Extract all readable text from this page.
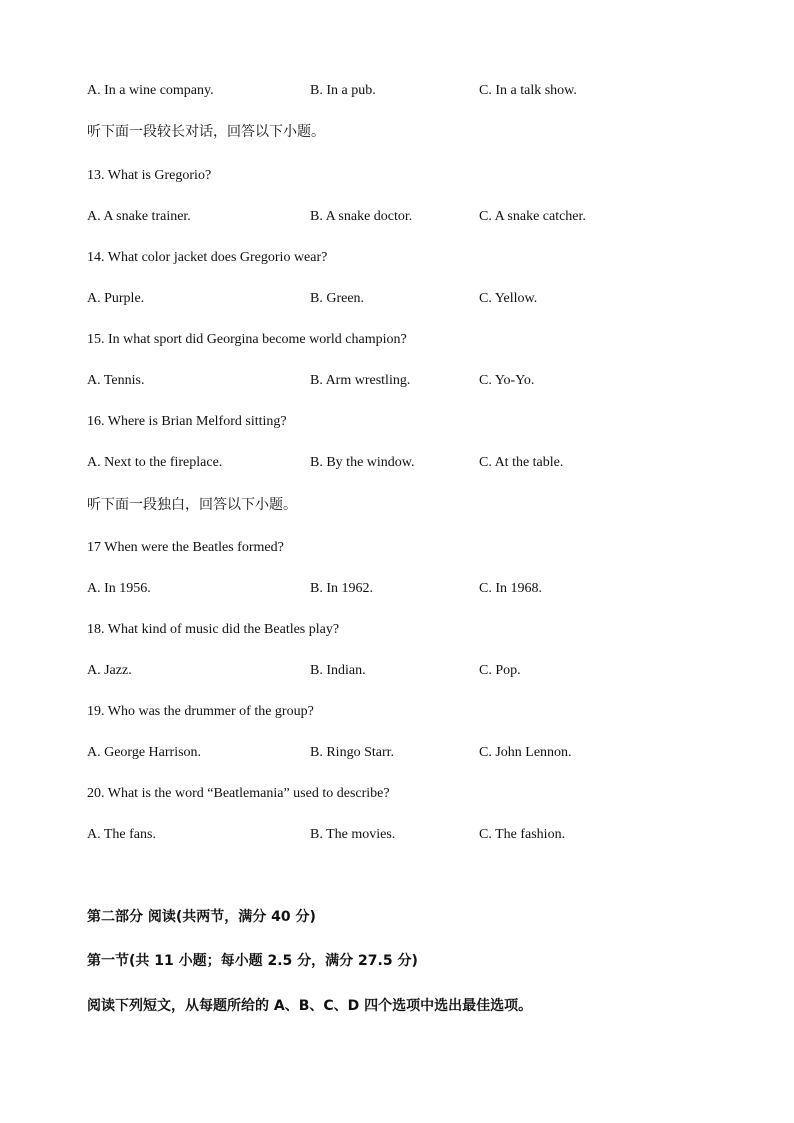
A. In a wine company.	B. In a pub.	C. In a talk show.
听下面一段较长对话，回答以下小题。
13. What is Gregorio?
A. A snake trainer.	B. A snake doctor.	C. A snake catcher.
14. What color jacket does Gregorio wear?
A. Purple.	B. Green.	C. Yellow.
15. In what sport did Georgina become world champion?
A. Tennis.	B. Arm wrestling.	C. Yo-Yo.
16. Where is Brian Melford sitting?
A. Next to the fireplace.	B. By the window.	C. At the table.
听下面一段独白，回答以下小题。
17 When were the Beatles formed?
A. In 1956.	B. In 1962.	C. In 1968.
18. What kind of music did the Beatles play?
A. Jazz.	B. Indian.	C. Pop.
19. Who was the drummer of the group?
A. George Harrison.	B. Ringo Starr.	C. John Lennon.
20. What is the word “Beatlemania” used to describe?
A. The fans.	B. The movies.	C. The fashion.
第二部分 阅读(共两节，满分 40 分)
第一节(共 11 小题；每小题 2.5 分，满分 27.5 分)
阅读下列短文，从每题所给的 A、B、C、D 四个选项中选出最佳选项。
